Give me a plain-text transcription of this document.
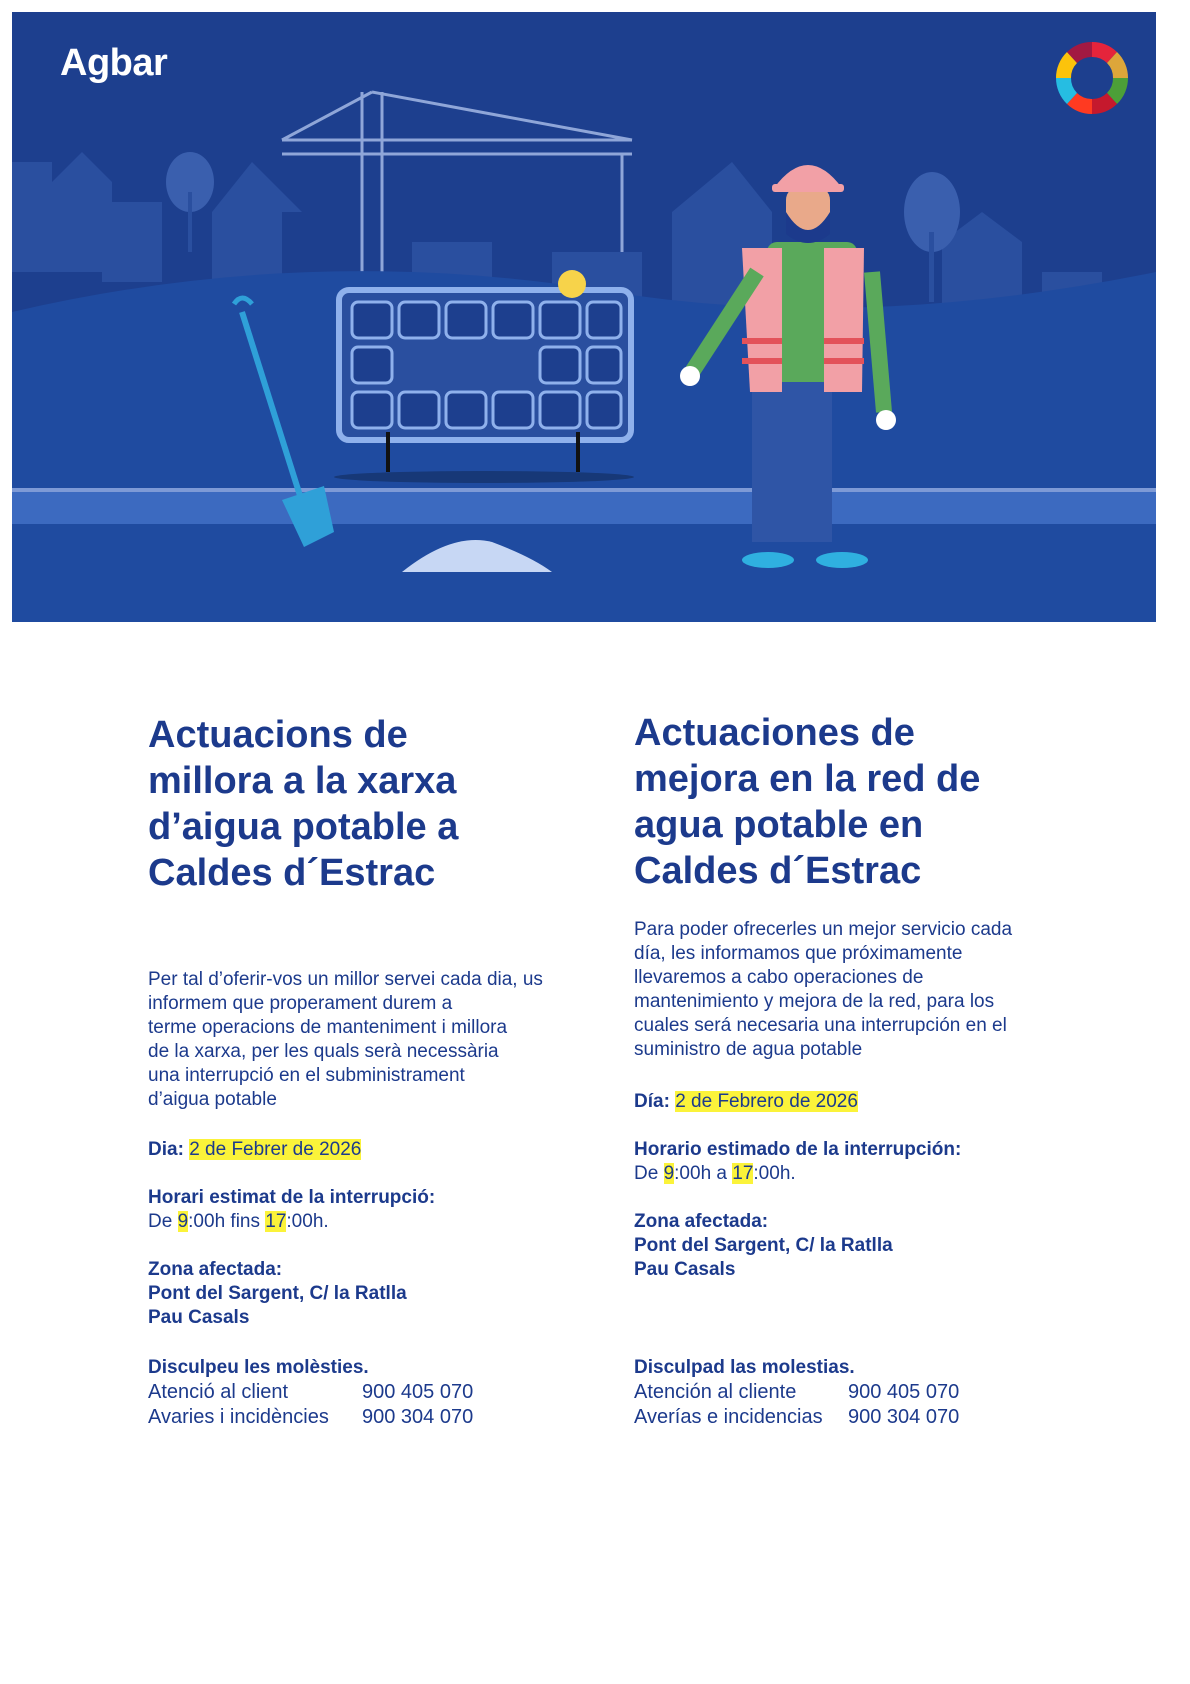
Agbar

Actuacions de

millora a la xarxa

d’aigua potable a

Caldes d´Estrac

Per tal d’oferir-vos un millor servei cada dia, us

informem que properament durem a

terme operacions de manteniment i millora

de la xarxa, per les quals serà necessària

una interrupció en el subministrament

d’aigua potable

Dia: 2 de Febrer de 2026

Horari estimat de la interrupció:

De 9:00h fins 17:00h.

Zona afectada:

Pont del Sargent, C/ la Ratlla

Pau Casals

Disculpeu les molèsties.

Atenció al client	900 405 070
Avaries i incidències	900 304 070

Actuaciones de

mejora en la red de

agua potable en

Caldes d´Estrac

Para poder ofrecerles un mejor servicio cada

día, les informamos que próximamente

llevaremos a cabo operaciones de

mantenimiento y mejora de la red, para los

cuales será necesaria una interrupción en el

suministro de agua potable

Día: 2 de Febrero de 2026

Horario estimado de la interrupción:

De 9:00h a 17:00h.

Zona afectada:

Pont del Sargent, C/ la Ratlla

Pau Casals

Disculpad las molestias.

Atención al cliente	900 405 070
Averías e incidencias	900 304 070
